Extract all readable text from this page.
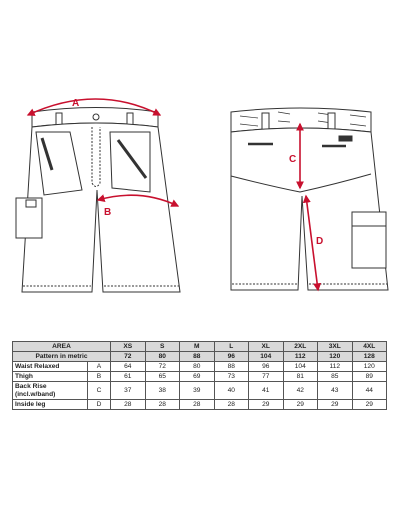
A
B
C
D
AREA		XS	S	M	L	XL	2XL	3XL	4XL
Pattern in metric		72	80	88	96	104	112	120	128
Waist Relaxed	A	64	72	80	88	96	104	112	120
Thigh	B	61	65	69	73	77	81	85	89
Back Rise (incl.w/band)	C	37	38	39	40	41	42	43	44
Inside leg	D	28	28	28	28	29	29	29	29
